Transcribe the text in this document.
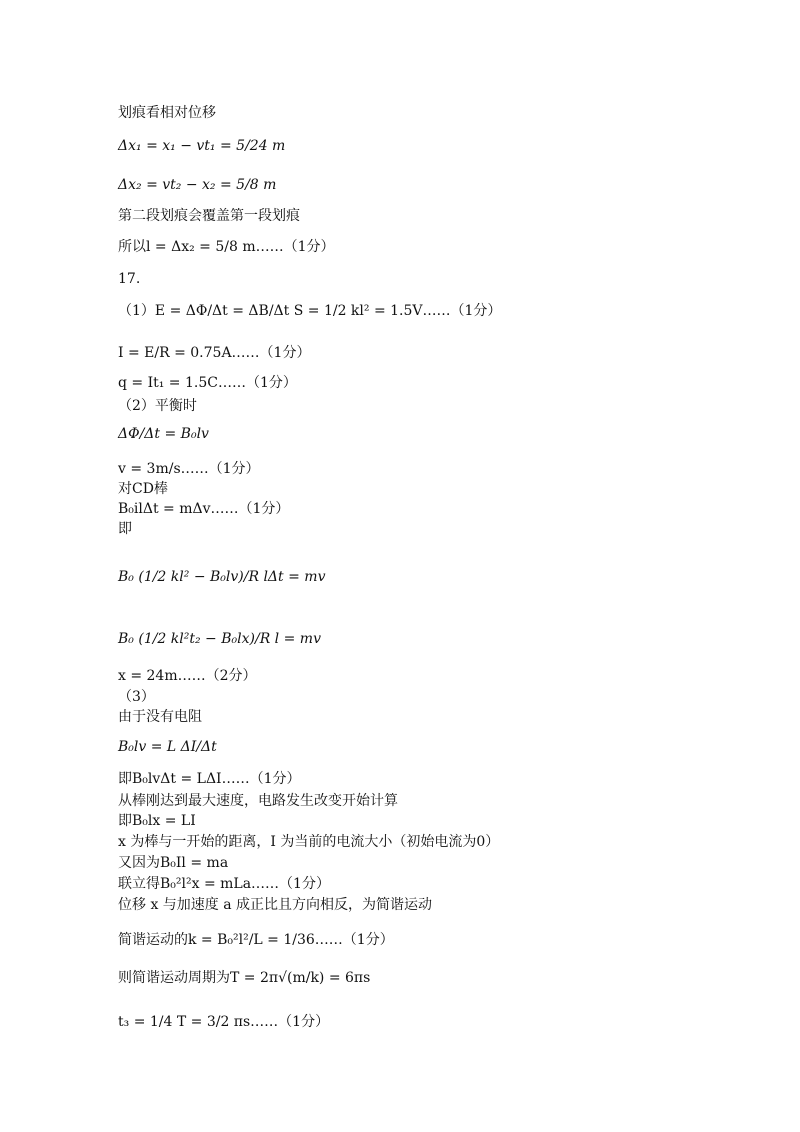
划痕看相对位移
Δx₁ = x₁ − vt₁ = 5/24 m
Δx₂ = vt₂ − x₂ = 5/8 m
第二段划痕会覆盖第一段划痕
所以l = Δx₂ = 5/8 m……（1分）
17.
（1）E = ΔΦ/Δt = ΔB/Δt S = 1/2 kl² = 1.5V……（1分）
I = E/R = 0.75A……（1分）
q = It₁ = 1.5C……（1分）
（2）平衡时
ΔΦ/Δt = B₀lv
v = 3m/s……（1分）
对CD棒
B₀ilΔt = mΔv……（1分）
即
B₀ (1/2 kl² − B₀lv)/R lΔt = mv
B₀ (1/2 kl²t₂ − B₀lx)/R l = mv
x = 24m……（2分）
（3）
由于没有电阻
B₀lv = L ΔI/Δt
即B₀lvΔt = LΔI……（1分）
从棒刚达到最大速度，电路发生改变开始计算
即B₀lx = LI
x 为棒与一开始的距离，I 为当前的电流大小（初始电流为0）
又因为B₀Il = ma
联立得B₀²l²x = mLa……（1分）
位移 x 与加速度 a 成正比且方向相反，为简谐运动
简谐运动的k = B₀²l²/L = 1/36……（1分）
则简谐运动周期为T = 2π√(m/k) = 6πs
t₃ = 1/4 T = 3/2 πs……（1分）
